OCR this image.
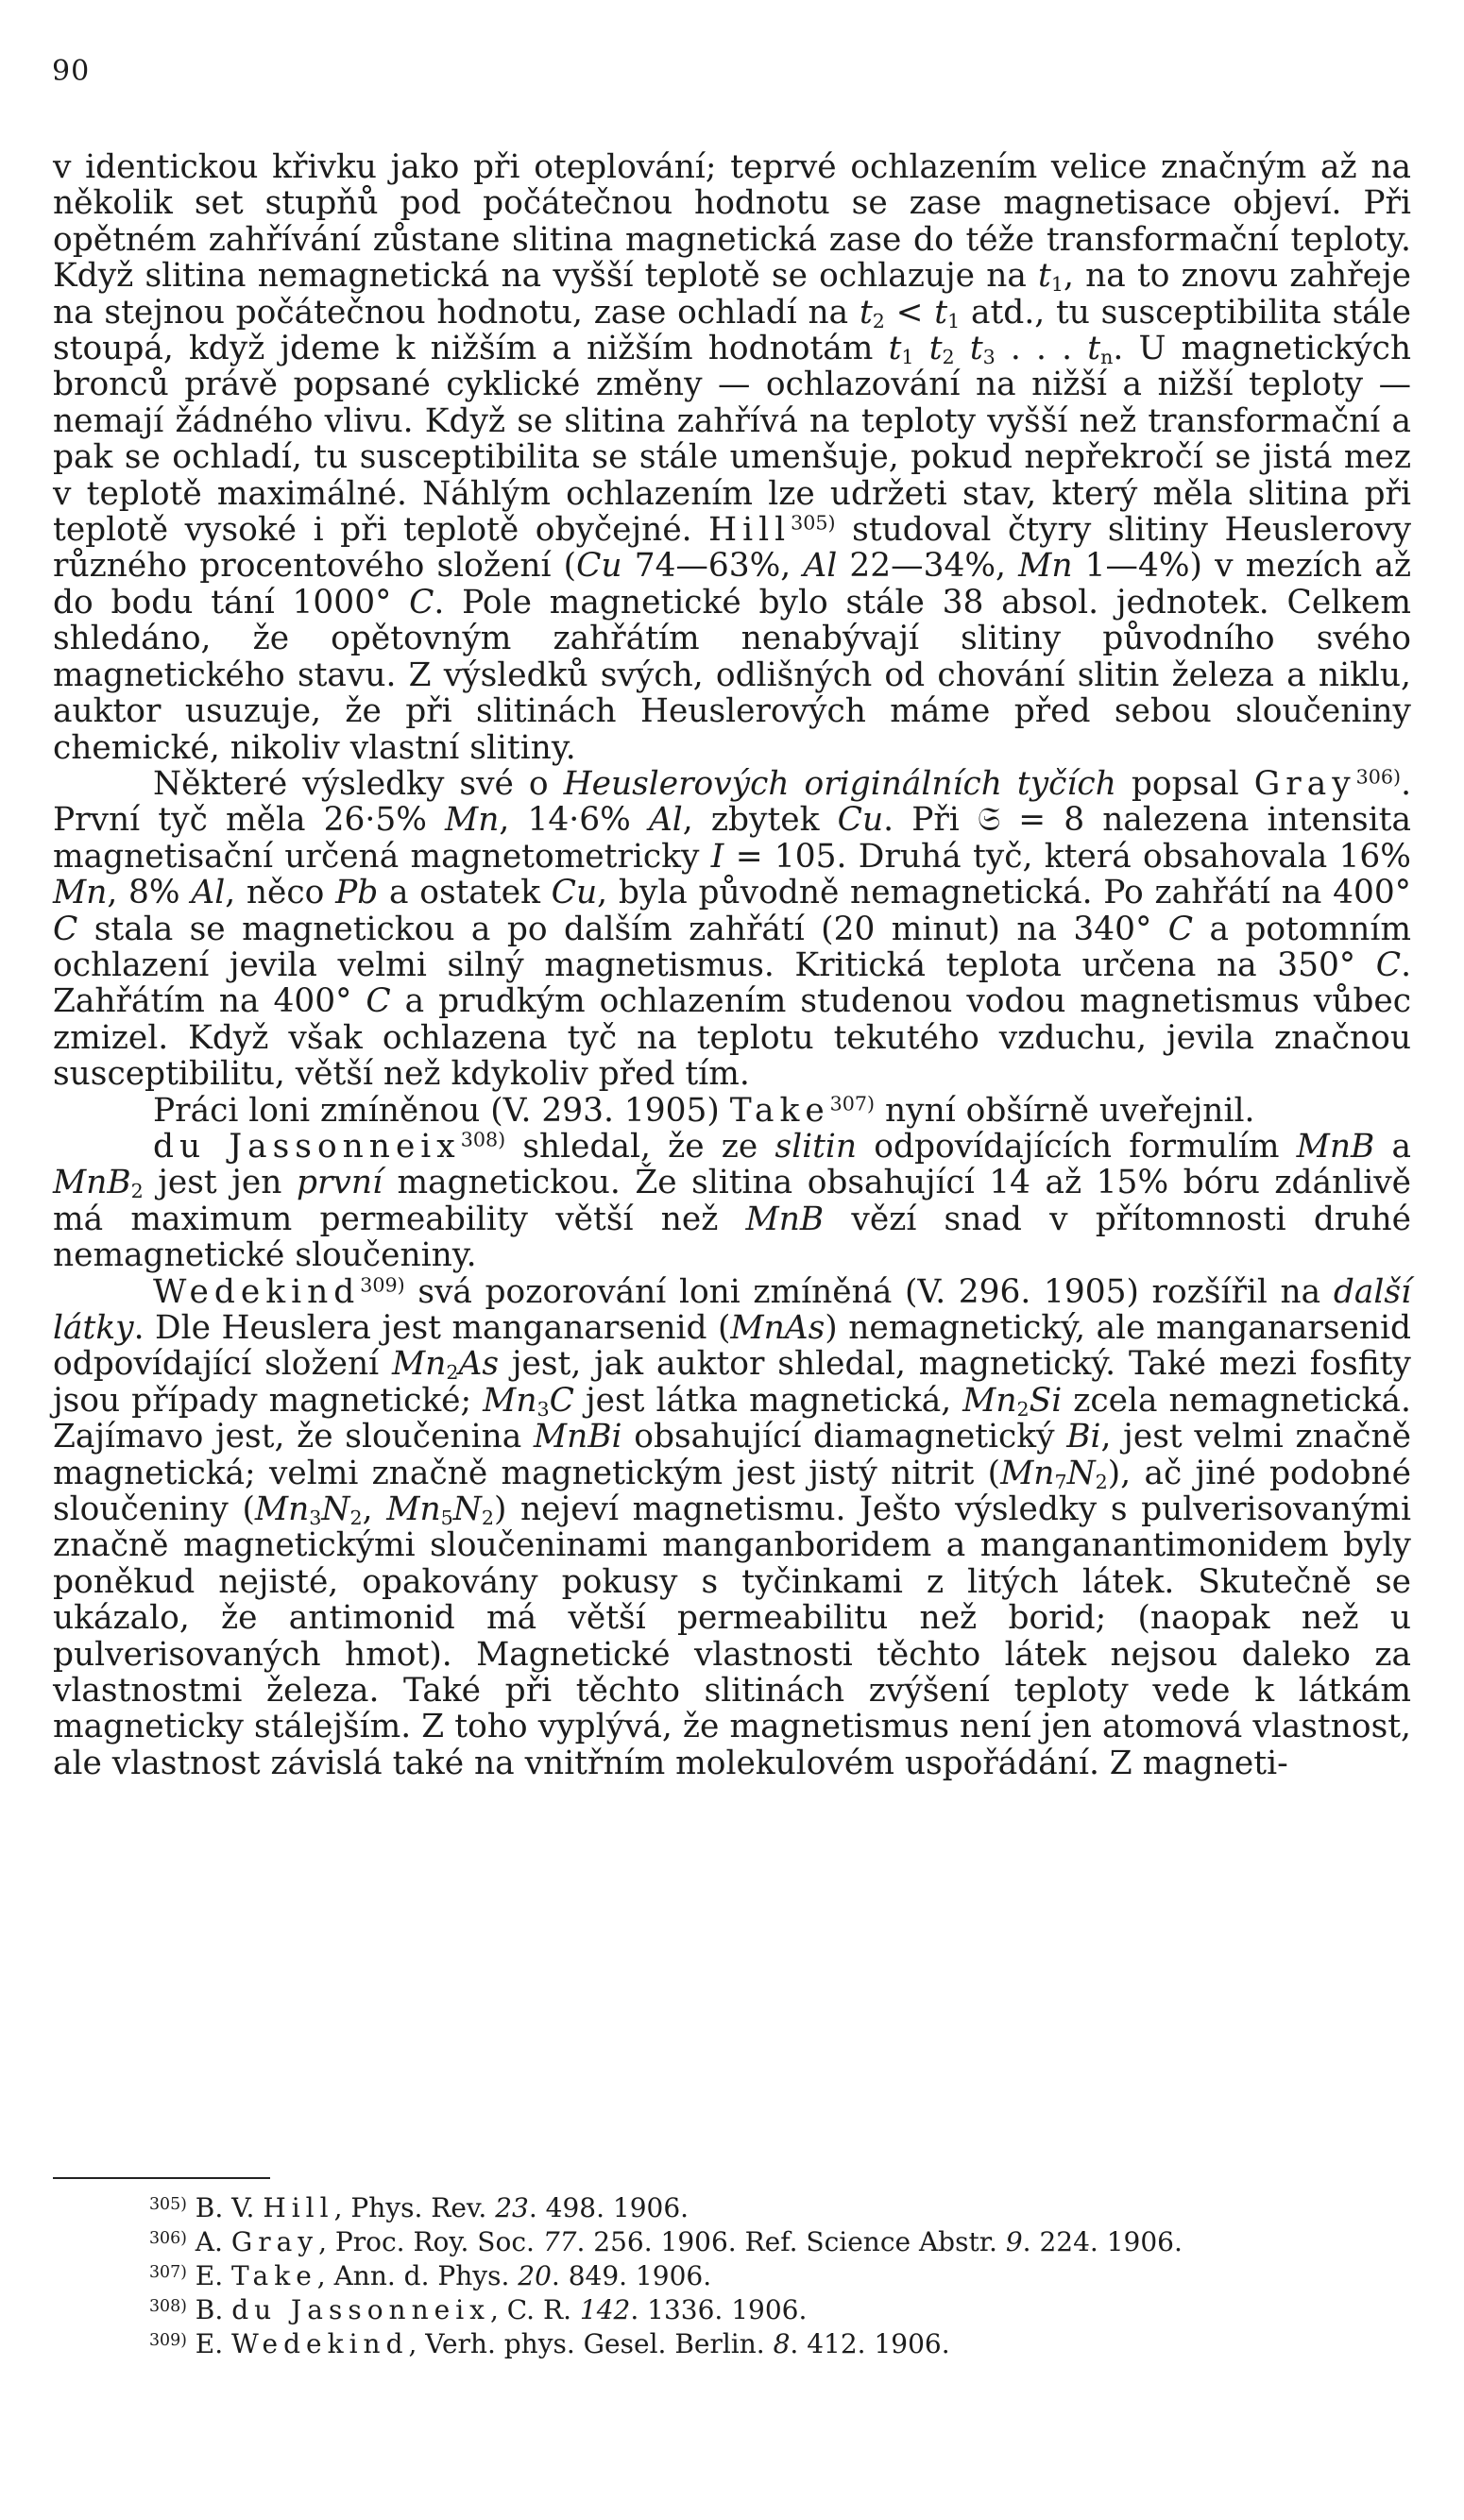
90

v identickou křivku jako při oteplování; teprvé ochlazením velice značným až na několik set stupňů pod počátečnou hodnotu se zase magnetisace objeví. Při opětném zahřívání zůstane slitina magnetická zase do téže transformační teploty. Když slitina nemagnetická na vyšší teplotě se ochlazuje na $t_1$, na to znovu zahřeje na stejnou počátečnou hodnotu, zase ochladí na $t_2 < t_1$ atd., tu susceptibilita stále stoupá, když jdeme k nižším a nižším hodnotám $t_1$ $t_2$ $t_3$ . . . $t_n$. U magnetických bronců právě popsané cyklické změny — ochlazování na nižší a nižší teploty — nemají žádného vlivu. Když se slitina zahřívá na teploty vyšší než transformační a pak se ochladí, tu susceptibilita se stále umenšuje, pokud nepřekročí se jistá mez v teplotě maximálné. Náhlým ochlazením lze udržeti stav, který měla slitina při teplotě vysoké i při teplotě obyčejné. Hill$^{305)}$ studoval čtyry slitiny Heuslerovy různého procentového složení (Cu 74—63%, Al 22—34%, Mn 1—4%) v mezích až do bodu tání 1000° C. Pole magnetické bylo stále 38 absol. jednotek. Celkem shledáno, že opětovným zahřátím nenabývají slitiny původního svého magnetického stavu. Z výsledků svých, odlišných od chování slitin železa a niklu, auktor usuzuje, že při slitinách Heuslerových máme před sebou sloučeniny chemické, nikoliv vlastní slitiny.

Některé výsledky své o Heuslerových originálních tyčích popsal Gray$^{306)}$. První tyč měla 26·5% Mn, 14·6% Al, zbytek Cu. Při 𝔖 = 8 nalezena intensita magnetisační určená magnetometricky I = 105. Druhá tyč, která obsahovala 16% Mn, 8% Al, něco Pb a ostatek Cu, byla původně nemagnetická. Po zahřátí na 400° C stala se magnetickou a po dalším zahřátí (20 minut) na 340° C a potomním ochlazení jevila velmi silný magnetismus. Kritická teplota určena na 350° C. Zahřátím na 400° C a prudkým ochlazením studenou vodou magnetismus vůbec zmizel. Když však ochlazena tyč na teplotu tekutého vzduchu, jevila značnou susceptibilitu, větší než kdykoliv před tím.

Práci loni zmíněnou (V. 293. 1905) Take$^{307)}$ nyní obšírně uveřejnil.

du Jassonneix$^{308)}$ shledal, že ze slitin odpovídajících formulím MnB a MnB$_2$ jest jen první magnetickou. Že slitina obsahující 14 až 15% bóru zdánlivě má maximum permeability větší než MnB vězí snad v přítomnosti druhé nemagnetické sloučeniny.

Wedekind$^{309)}$ svá pozorování loni zmíněná (V. 296. 1905) rozšířil na další látky. Dle Heuslera jest manganarsenid (MnAs) nemagnetický, ale manganarsenid odpovídající složení $Mn_2As$ jest, jak auktor shledal, magnetický. Také mezi fosfity jsou případy magnetické; $Mn_3C$ jest látka magnetická, $Mn_2Si$ zcela nemagnetická. Zajímavo jest, že sloučenina MnBi obsahující diamagnetický Bi, jest velmi značně magnetická; velmi značně magnetickým jest jistý nitrit $(Mn_7N_2)$, ač jiné podobné sloučeniny ($Mn_3N_2$, $Mn_5N_2$) nejeví magnetismu. Ješto výsledky s pulverisovanými značně magnetickými sloučeninami manganboridem a manganantimonidem byly poněkud nejisté, opakovány pokusy s tyčinkami z litých látek. Skutečně se ukázalo, že antimonid má větší permeabilitu než borid; (naopak než u pulverisovaných hmot). Magnetické vlastnosti těchto látek nejsou daleko za vlastnostmi železa. Také při těchto slitinách zvýšení teploty vede k látkám magneticky stálejším. Z toho vyplývá, že magnetismus není jen atomová vlastnost, ale vlastnost závislá také na vnitřním molekulovém uspořádání. Z magneti-

$^{305)}$ B. V. Hill, Phys. Rev. 23. 498. 1906.

$^{306)}$ A. Gray, Proc. Roy. Soc. 77. 256. 1906. Ref. Science Abstr. 9. 224. 1906.

$^{307)}$ E. Take, Ann. d. Phys. 20. 849. 1906.

$^{308)}$ B. du Jassonneix, C. R. 142. 1336. 1906.

$^{309)}$ E. Wedekind, Verh. phys. Gesel. Berlin. 8. 412. 1906.
